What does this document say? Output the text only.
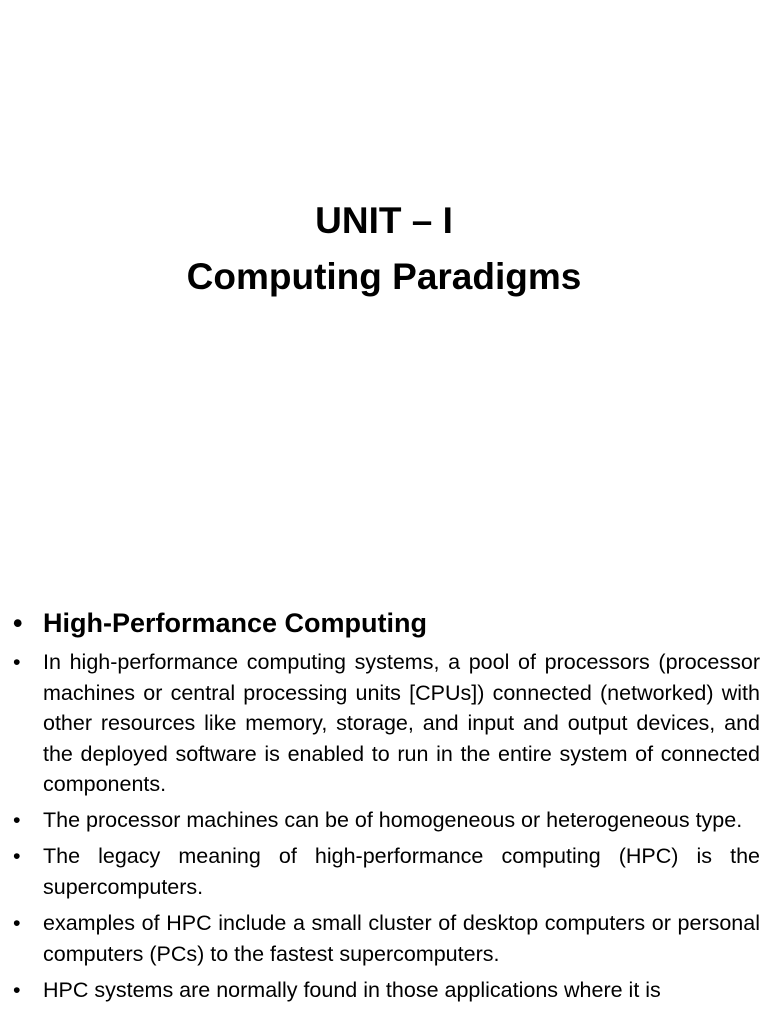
UNIT – I
Computing Paradigms
• High-Performance Computing
•	In high-performance computing systems, a pool of processors (processor machines or central processing units [CPUs]) connected (networked) with other resources like memory, storage, and input and output devices, and the deployed software is enabled to run in the entire system of connected components.
•	The processor machines can be of homogeneous or heterogeneous type.
•	The legacy meaning of high-performance computing (HPC) is the supercomputers.
•	examples of HPC include a small cluster of desktop computers or personal computers (PCs) to the fastest supercomputers.
•	HPC systems are normally found in those applications where it is
